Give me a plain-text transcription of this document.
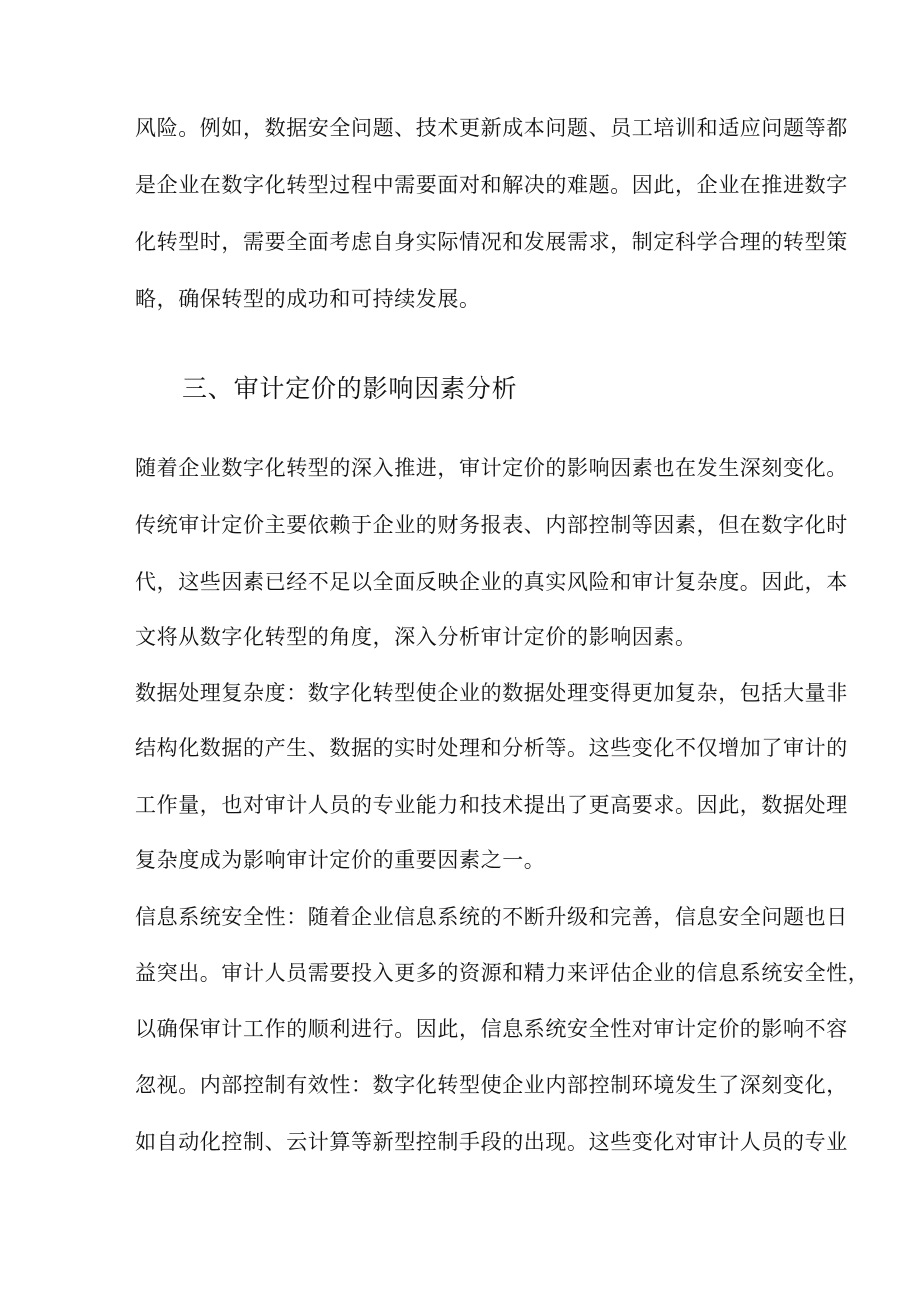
风险。例如，数据安全问题、技术更新成本问题、员工培训和适应问题等都
是企业在数字化转型过程中需要面对和解决的难题。因此，企业在推进数字
化转型时，需要全面考虑自身实际情况和发展需求，制定科学合理的转型策
略，确保转型的成功和可持续发展。
三、审计定价的影响因素分析
随着企业数字化转型的深入推进，审计定价的影响因素也在发生深刻变化。
传统审计定价主要依赖于企业的财务报表、内部控制等因素，但在数字化时
代，这些因素已经不足以全面反映企业的真实风险和审计复杂度。因此，本
文将从数字化转型的角度，深入分析审计定价的影响因素。
数据处理复杂度：数字化转型使企业的数据处理变得更加复杂，包括大量非
结构化数据的产生、数据的实时处理和分析等。这些变化不仅增加了审计的
工作量，也对审计人员的专业能力和技术提出了更高要求。因此，数据处理
复杂度成为影响审计定价的重要因素之一。
信息系统安全性：随着企业信息系统的不断升级和完善，信息安全问题也日
益突出。审计人员需要投入更多的资源和精力来评估企业的信息系统安全性，
以确保审计工作的顺利进行。因此，信息系统安全性对审计定价的影响不容
忽视。内部控制有效性：数字化转型使企业内部控制环境发生了深刻变化，
如自动化控制、云计算等新型控制手段的出现。这些变化对审计人员的专业
